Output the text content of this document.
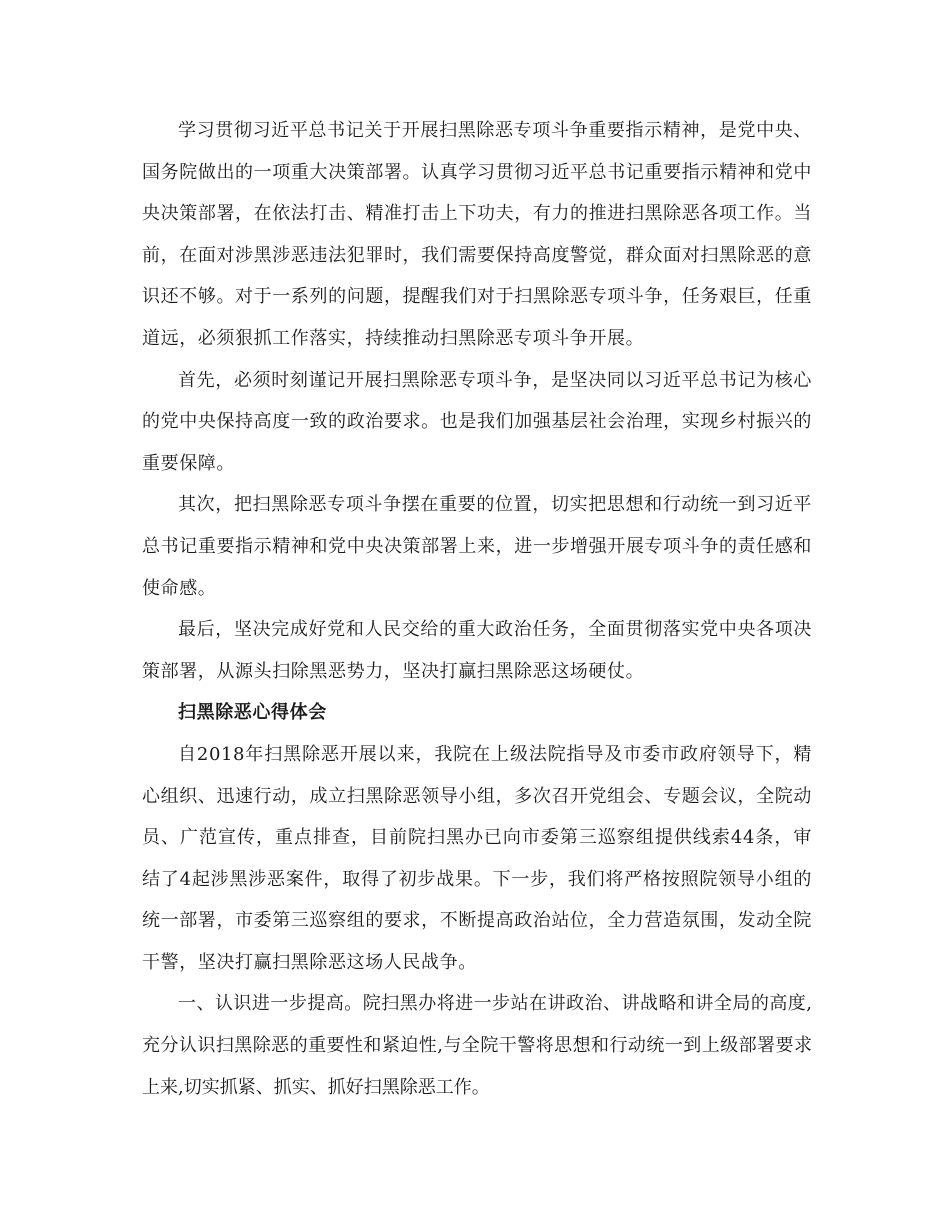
学习贯彻习近平总书记关于开展扫黑除恶专项斗争重要指示精神，是党中央、国务院做出的一项重大决策部署。认真学习贯彻习近平总书记重要指示精神和党中央决策部署，在依法打击、精准打击上下功夫，有力的推进扫黑除恶各项工作。当前，在面对涉黑涉恶违法犯罪时，我们需要保持高度警觉，群众面对扫黑除恶的意识还不够。对于一系列的问题，提醒我们对于扫黑除恶专项斗争，任务艰巨，任重道远，必须狠抓工作落实，持续推动扫黑除恶专项斗争开展。

首先，必须时刻谨记开展扫黑除恶专项斗争，是坚决同以习近平总书记为核心的党中央保持高度一致的政治要求。也是我们加强基层社会治理，实现乡村振兴的重要保障。

其次，把扫黑除恶专项斗争摆在重要的位置，切实把思想和行动统一到习近平总书记重要指示精神和党中央决策部署上来，进一步增强开展专项斗争的责任感和使命感。

最后，坚决完成好党和人民交给的重大政治任务，全面贯彻落实党中央各项决策部署，从源头扫除黑恶势力，坚决打赢扫黑除恶这场硬仗。

扫黑除恶心得体会

自2018年扫黑除恶开展以来，我院在上级法院指导及市委市政府领导下，精心组织、迅速行动，成立扫黑除恶领导小组，多次召开党组会、专题会议，全院动员、广范宣传，重点排查，目前院扫黑办已向市委第三巡察组提供线索44条，审结了4起涉黑涉恶案件，取得了初步战果。下一步，我们将严格按照院领导小组的统一部署，市委第三巡察组的要求，不断提高政治站位，全力营造氛围，发动全院干警，坚决打赢扫黑除恶这场人民战争。

一、认识进一步提高。院扫黑办将进一步站在讲政治、讲战略和讲全局的高度,充分认识扫黑除恶的重要性和紧迫性,与全院干警将思想和行动统一到上级部署要求上来,切实抓紧、抓实、抓好扫黑除恶工作。
